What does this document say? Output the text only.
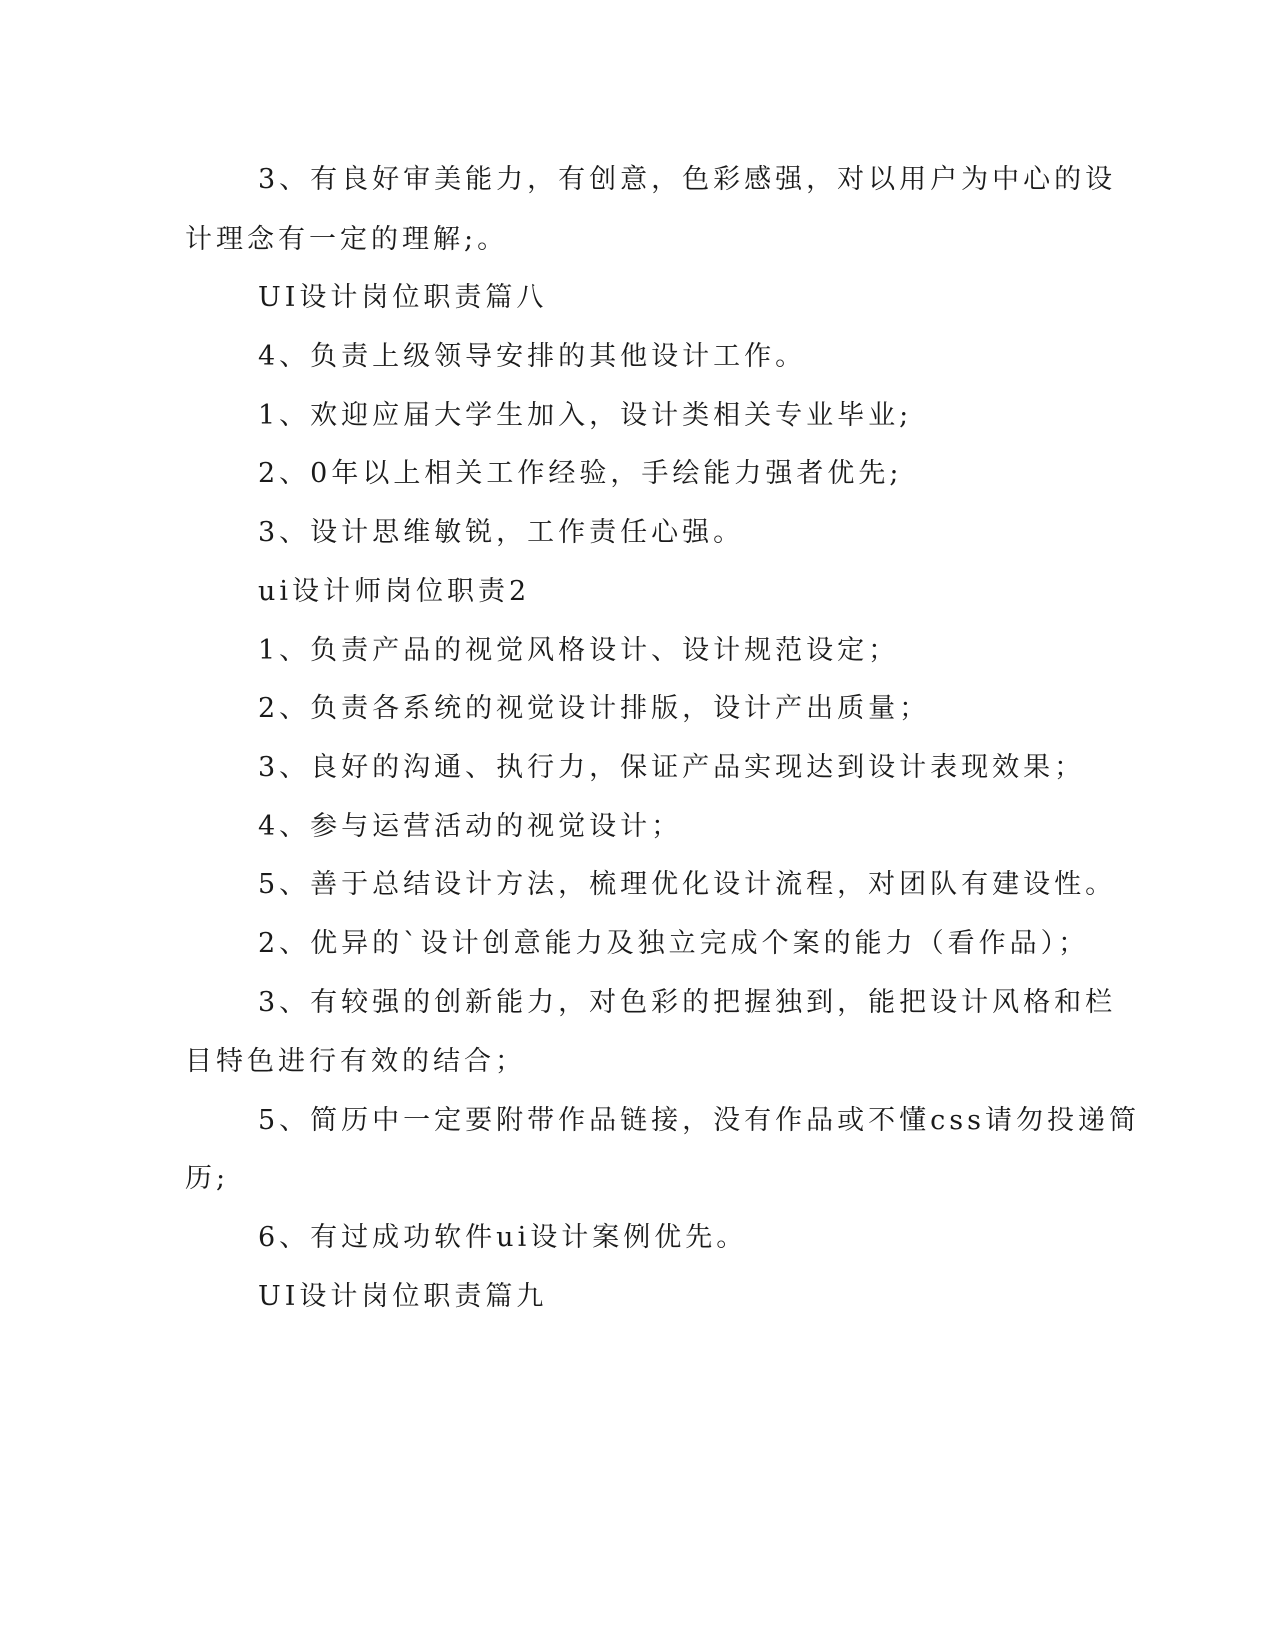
3、有良好审美能力，有创意，色彩感强，对以用户为中心的设
计理念有一定的理解;。
UI设计岗位职责篇八
4、负责上级领导安排的其他设计工作。
1、欢迎应届大学生加入，设计类相关专业毕业;
2、0年以上相关工作经验，手绘能力强者优先;
3、设计思维敏锐，工作责任心强。
ui设计师岗位职责2
1、负责产品的视觉风格设计、设计规范设定；
2、负责各系统的视觉设计排版，设计产出质量；
3、良好的沟通、执行力，保证产品实现达到设计表现效果；
4、参与运营活动的视觉设计；
5、善于总结设计方法，梳理优化设计流程，对团队有建设性。
2、优异的`设计创意能力及独立完成个案的能力（看作品）；
3、有较强的创新能力，对色彩的把握独到，能把设计风格和栏
目特色进行有效的结合；
5、简历中一定要附带作品链接，没有作品或不懂css请勿投递简
历;
6、有过成功软件ui设计案例优先。
UI设计岗位职责篇九
